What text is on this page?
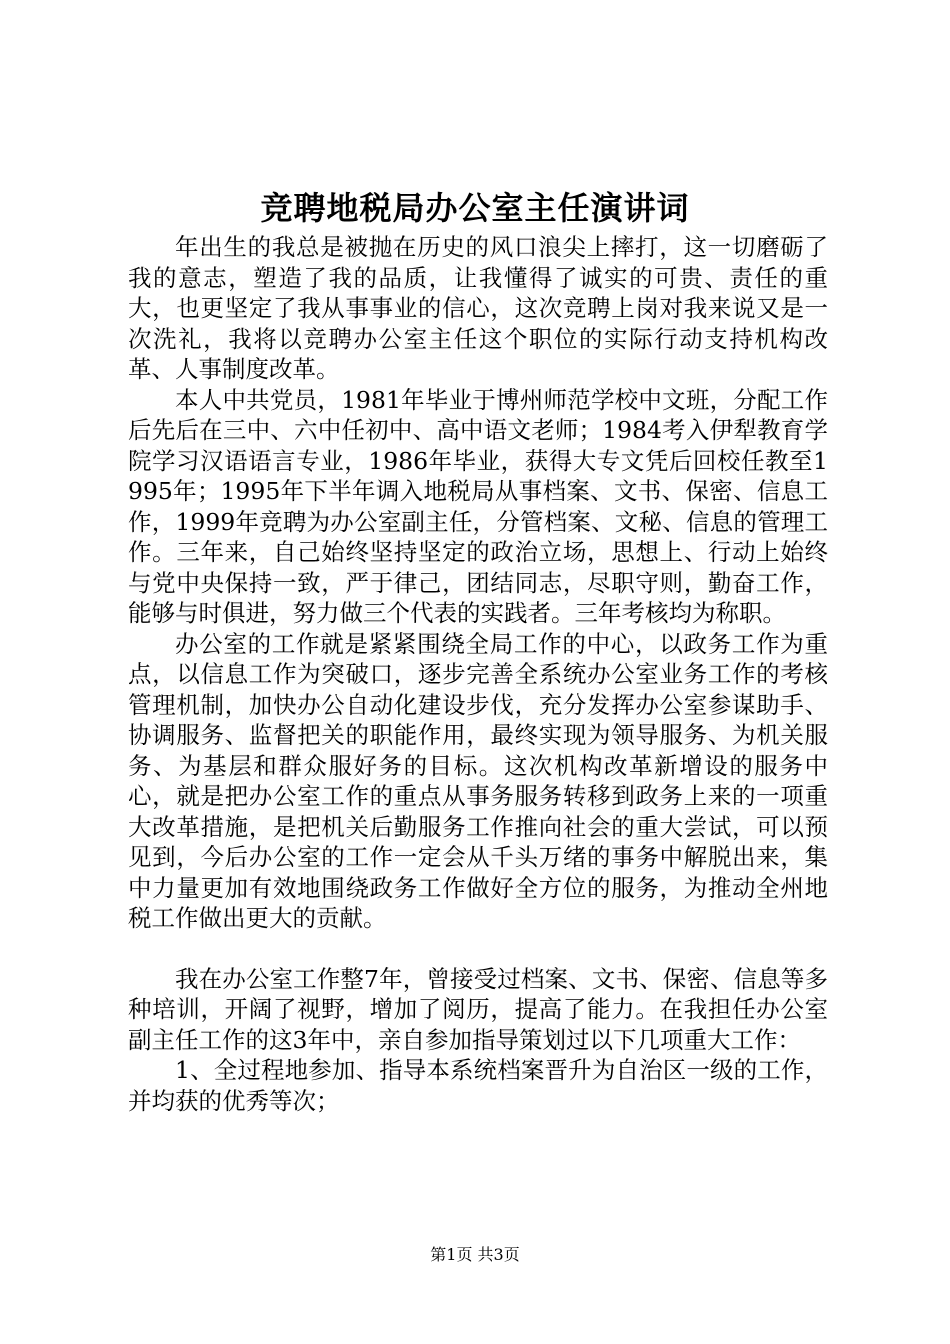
竞聘地税局办公室主任演讲词

年出生的我总是被抛在历史的风口浪尖上摔打，这一切磨砺了我的意志，塑造了我的品质，让我懂得了诚实的可贵、责任的重大，也更坚定了我从事事业的信心，这次竞聘上岗对我来说又是一次洗礼，我将以竞聘办公室主任这个职位的实际行动支持机构改革、人事制度改革。

本人中共党员，1981年毕业于博州师范学校中文班，分配工作后先后在三中、六中任初中、高中语文老师；1984考入伊犁教育学院学习汉语语言专业，1986年毕业，获得大专文凭后回校任教至1995年；1995年下半年调入地税局从事档案、文书、保密、信息工作，1999年竞聘为办公室副主任，分管档案、文秘、信息的管理工作。三年来，自己始终坚持坚定的政治立场，思想上、行动上始终与党中央保持一致，严于律己，团结同志，尽职守则，勤奋工作，能够与时俱进，努力做三个代表的实践者。三年考核均为称职。

办公室的工作就是紧紧围绕全局工作的中心，以政务工作为重点，以信息工作为突破口，逐步完善全系统办公室业务工作的考核管理机制，加快办公自动化建设步伐，充分发挥办公室参谋助手、协调服务、监督把关的职能作用，最终实现为领导服务、为机关服务、为基层和群众服好务的目标。这次机构改革新增设的服务中心，就是把办公室工作的重点从事务服务转移到政务上来的一项重大改革措施，是把机关后勤服务工作推向社会的重大尝试，可以预见到，今后办公室的工作一定会从千头万绪的事务中解脱出来，集中力量更加有效地围绕政务工作做好全方位的服务，为推动全州地税工作做出更大的贡献。

我在办公室工作整7年，曾接受过档案、文书、保密、信息等多种培训，开阔了视野，增加了阅历，提高了能力。在我担任办公室副主任工作的这3年中，亲自参加指导策划过以下几项重大工作：

1、全过程地参加、指导本系统档案晋升为自治区一级的工作，并均获的优秀等次；

第1页 共3页
